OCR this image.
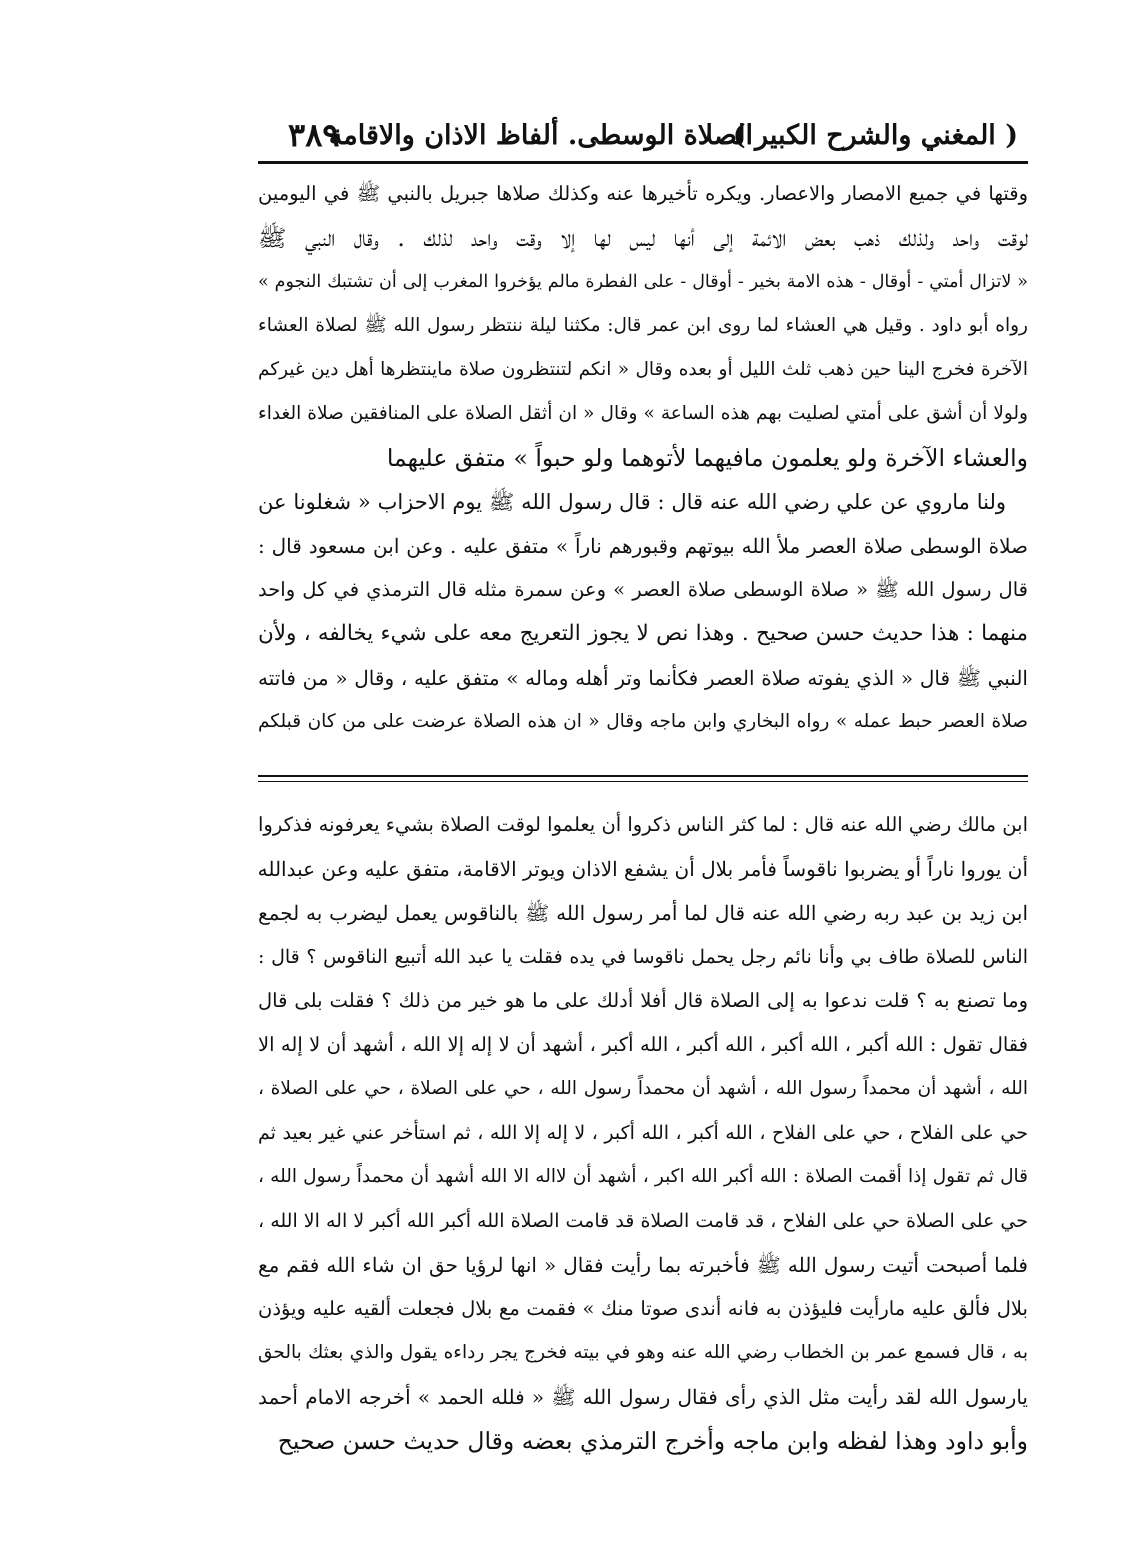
( المغني والشرح الكبير )
الصلاة الوسطى. ألفاظ الاذان والاقامة
٣٨٩

وقتها في جميع الامصار والاعصار. ويكره تأخيرها عنه وكذلك صلاها جبريل بالنبي ﷺ في اليومين

لوقت واحد ولذلك ذهب بعض الائمة إلى أنها ليس لها إلا وقت واحد لذلك . وقال النبي ﷺ

« لاتزال أمتي - أوقال - هذه الامة بخير - أوقال - على الفطرة مالم يؤخروا المغرب إلى أن تشتبك النجوم »

رواه أبو داود . وقيل هي العشاء لما روى ابن عمر قال: مكثنا ليلة ننتظر رسول الله ﷺ لصلاة العشاء

الآخرة فخرج الينا حين ذهب ثلث الليل أو بعده وقال « انكم لتنتظرون صلاة ماينتظرها أهل دين غيركم

ولولا أن أشق على أمتي لصليت بهم هذه الساعة » وقال « ان أثقل الصلاة على المنافقين صلاة الغداء

والعشاء الآخرة ولو يعلمون مافيهما لأتوهما ولو حبواً » متفق عليهما

ولنا ماروي عن علي رضي الله عنه قال : قال رسول الله ﷺ يوم الاحزاب « شغلونا عن

صلاة الوسطى صلاة العصر ملأ الله بيوتهم وقبورهم ناراً » متفق عليه . وعن ابن مسعود قال :

قال رسول الله ﷺ « صلاة الوسطى صلاة العصر » وعن سمرة مثله قال الترمذي في كل واحد

منهما : هذا حديث حسن صحيح . وهذا نص لا يجوز التعريج معه على شيء يخالفه ، ولأن

النبي ﷺ قال « الذي يفوته صلاة العصر فكأنما وتر أهله وماله » متفق عليه ، وقال « من فاتته

صلاة العصر حبط عمله » رواه البخاري وابن ماجه وقال « ان هذه الصلاة عرضت على من كان قبلكم

ابن مالك رضي الله عنه قال : لما كثر الناس ذكروا أن يعلموا لوقت الصلاة بشيء يعرفونه فذكروا

أن يوروا ناراً أو يضربوا ناقوساً فأمر بلال أن يشفع الاذان ويوتر الاقامة، متفق عليه وعن عبدالله

ابن زيد بن عبد ربه رضي الله عنه قال لما أمر رسول الله ﷺ بالناقوس يعمل ليضرب به لجمع

الناس للصلاة طاف بي وأنا نائم رجل يحمل ناقوسا في يده فقلت يا عبد الله أتبيع الناقوس ؟ قال :

وما تصنع به ؟ قلت ندعوا به إلى الصلاة قال أفلا أدلك على ما هو خير من ذلك ؟ فقلت بلى قال

فقال تقول : الله أكبر ، الله أكبر ، الله أكبر ، الله أكبر ، أشهد أن لا إله إلا الله ، أشهد أن لا إله الا

الله ، أشهد أن محمداً رسول الله ، أشهد أن محمداً رسول الله ، حي على الصلاة ، حي على الصلاة ،

حي على الفلاح ، حي على الفلاح ، الله أكبر ، الله أكبر ، لا إله إلا الله ، ثم استأخر عني غير بعيد ثم

قال ثم تقول إذا أقمت الصلاة : الله أكبر الله اكبر ، أشهد أن لااله الا الله أشهد أن محمداً رسول الله ،

حي على الصلاة حي على الفلاح ، قد قامت الصلاة قد قامت الصلاة الله أكبر الله أكبر لا اله الا الله ،

فلما أصبحت أتيت رسول الله ﷺ فأخبرته بما رأيت فقال « انها لرؤيا حق ان شاء الله فقم مع

بلال فألق عليه مارأيت فليؤذن به فانه أندى صوتا منك » فقمت مع بلال فجعلت ألقيه عليه ويؤذن

به ، قال فسمع عمر بن الخطاب رضي الله عنه وهو في بيته فخرج يجر رداءه يقول والذي بعثك بالحق

يارسول الله لقد رأيت مثل الذي رأى فقال رسول الله ﷺ « فلله الحمد » أخرجه الامام أحمد

وأبو داود وهذا لفظه وابن ماجه وأخرج الترمذي بعضه وقال حديث حسن صحيح
